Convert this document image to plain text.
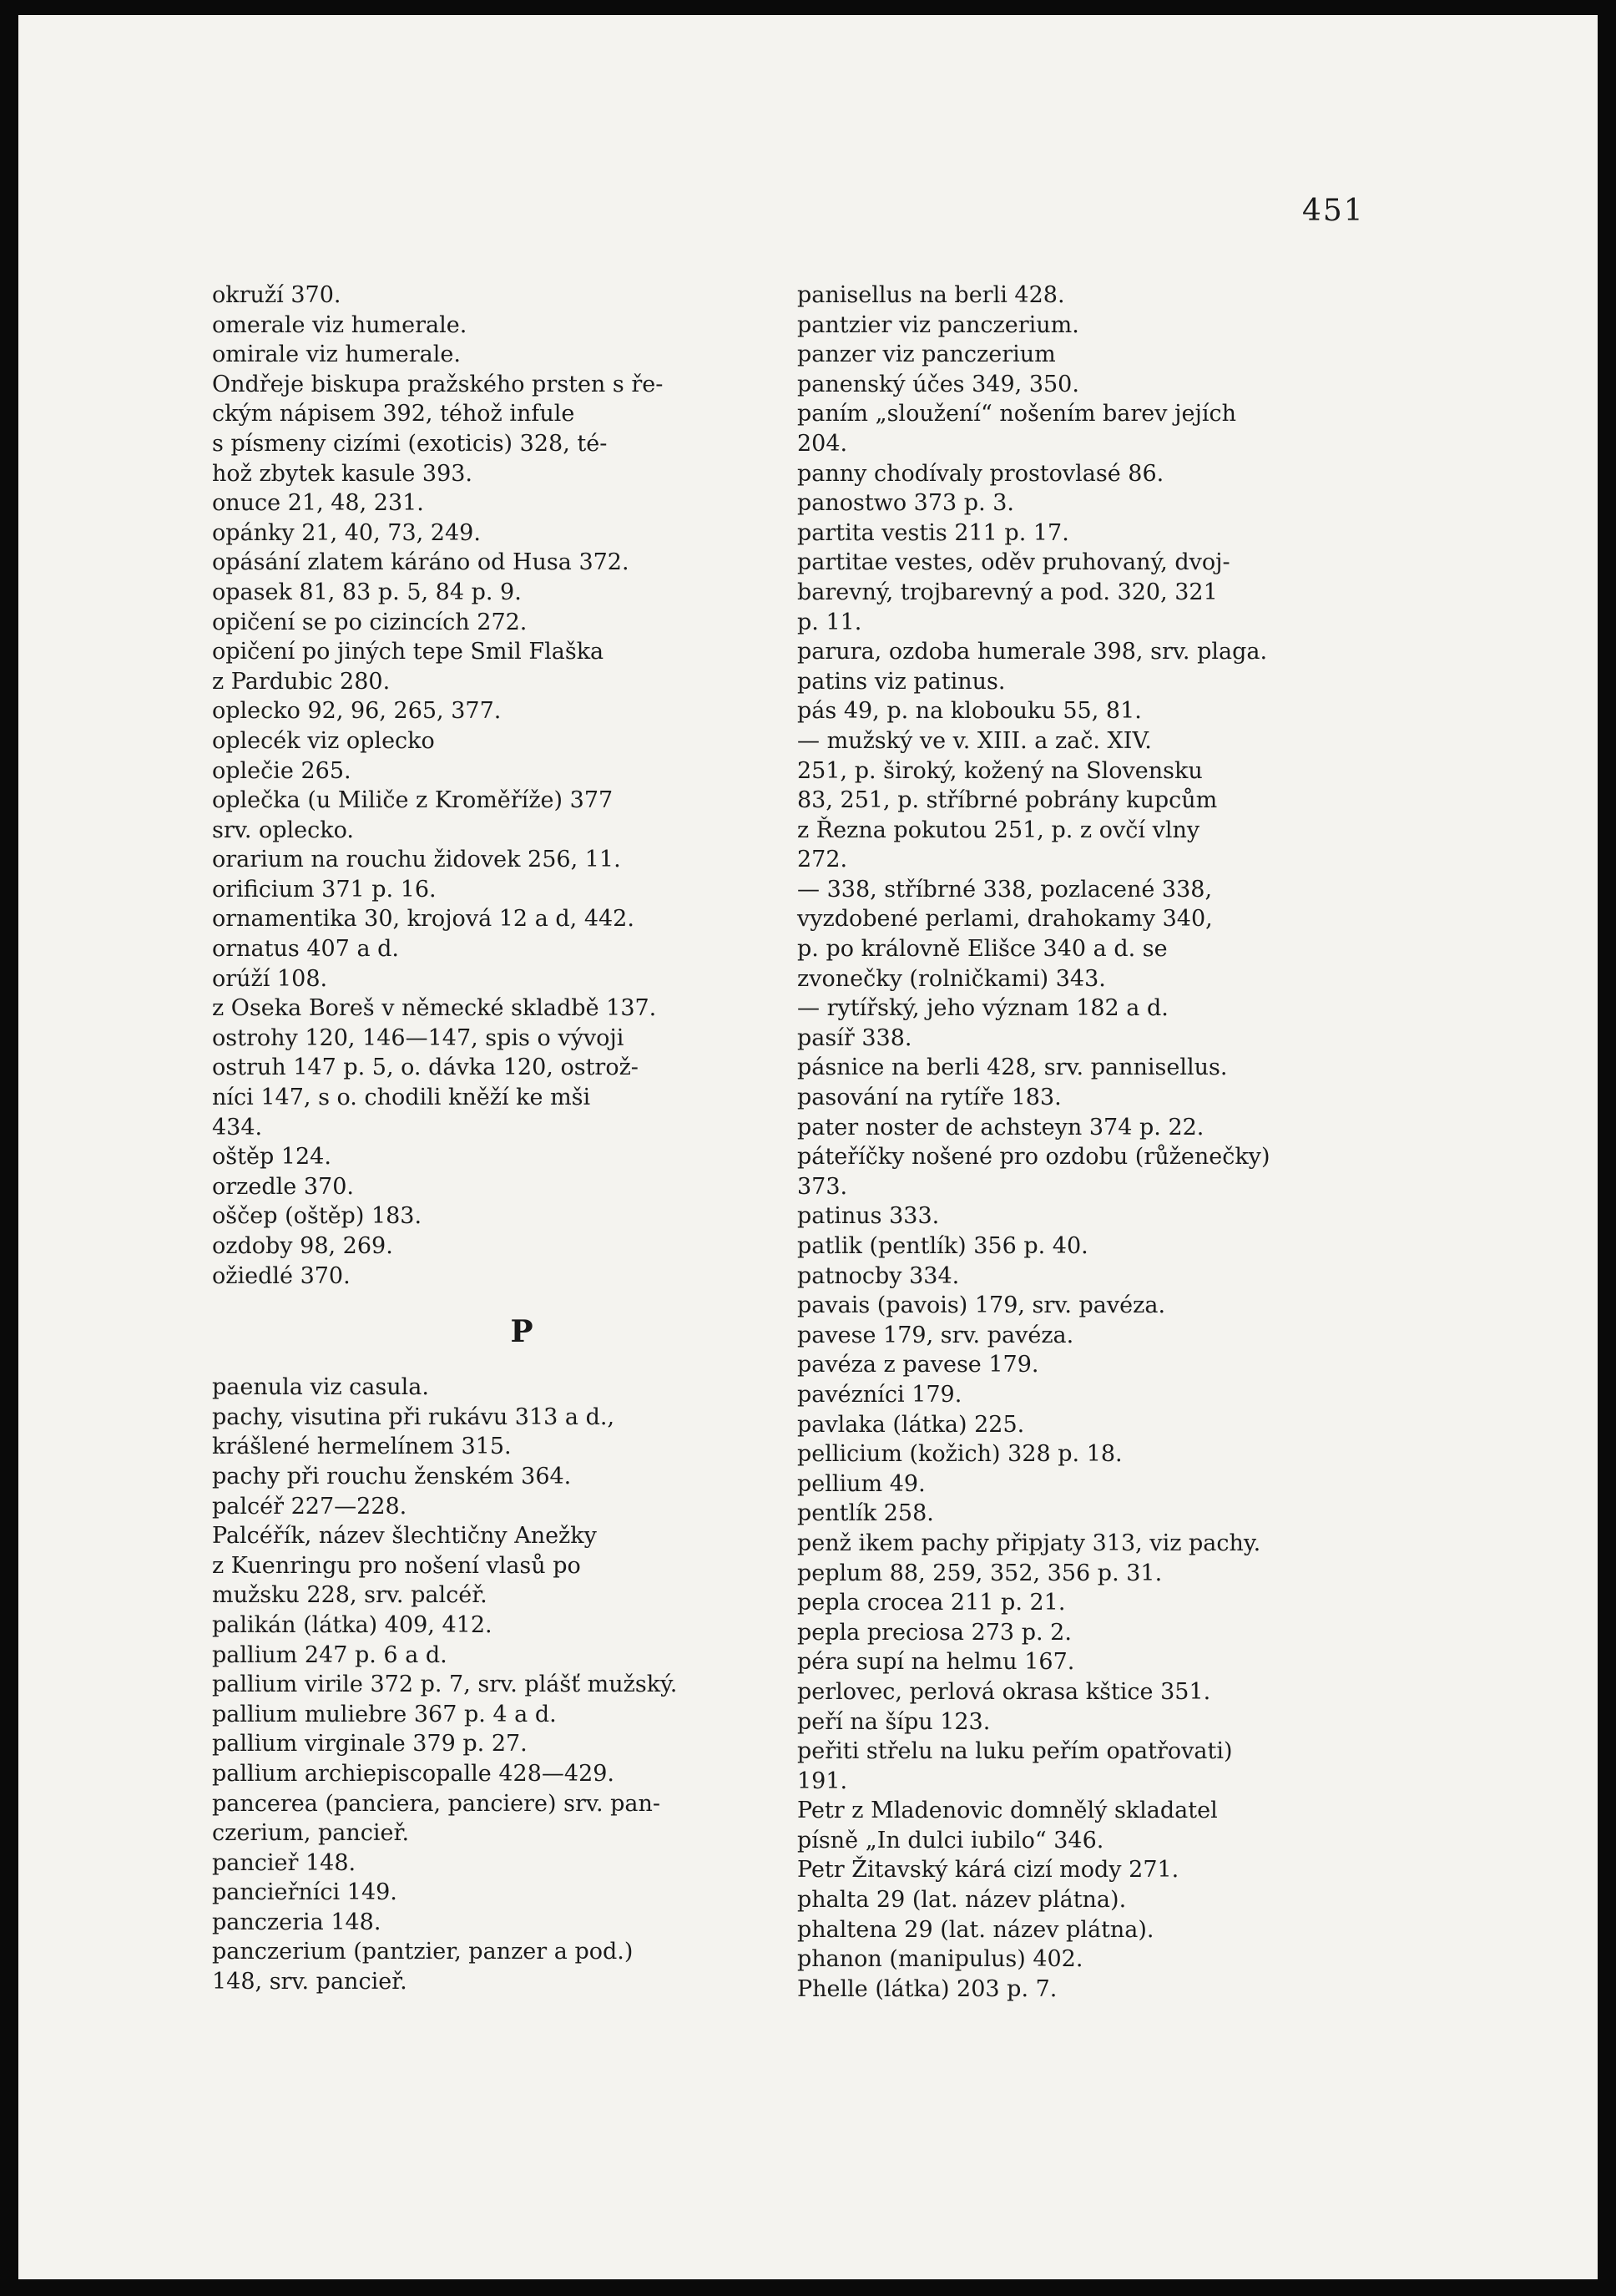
451

okruží 370.

omerale viz humerale.

omirale viz humerale.

Ondřeje biskupa pražského prsten s ře-
ckým nápisem 392, téhož infule
s písmeny cizími (exoticis) 328, té-
hož zbytek kasule 393.

onuce 21, 48, 231.

opánky 21, 40, 73, 249.

opásání zlatem káráno od Husa 372.

opasek 81, 83 p. 5, 84 p. 9.

opičení se po cizincích 272.

opičení po jiných tepe Smil Flaška
z Pardubic 280.

oplecko 92, 96, 265, 377.

oplecék viz oplecko

oplečie 265.

oplečka (u Miliče z Kroměříže) 377
srv. oplecko.

orarium na rouchu židovek 256, 11.

orificium 371 p. 16.

ornamentika 30, krojová 12 a d, 442.

ornatus 407 a d.

orúží 108.

z Oseka Boreš v německé skladbě 137.

ostrohy 120, 146—147, spis o vývoji
ostruh 147 p. 5, o. dávka 120, ostrož-
níci 147, s o. chodili kněží ke mši
434.

oštěp 124.

orzedle 370.

oščep (oštěp) 183.

ozdoby 98, 269.

ožiedlé 370.

P

paenula viz casula.

pachy, visutina při rukávu 313 a d.,
krášlené hermelínem 315.

pachy při rouchu ženském 364.

palcéř 227—228.

Palcéřík, název šlechtičny Anežky
z Kuenringu pro nošení vlasů po
mužsku 228, srv. palcéř.

palikán (látka) 409, 412.

pallium 247 p. 6 a d.

pallium virile 372 p. 7, srv. plášť mužský.

pallium muliebre 367 p. 4 a d.

pallium virginale 379 p. 27.

pallium archiepiscopalle 428—429.

pancerea (panciera, panciere) srv. pan-
czerium, pancieř.

pancieř 148.

pancieřníci 149.

panczeria 148.

panczerium (pantzier, panzer a pod.)
148, srv. pancieř.

panisellus na berli 428.

pantzier viz panczerium.

panzer viz panczerium

panenský účes 349, 350.

paním „sloužení“ nošením barev jejích
204.

panny chodívaly prostovlasé 86.

panostwo 373 p. 3.

partita vestis 211 p. 17.

partitae vestes, oděv pruhovaný, dvoj-
barevný, trojbarevný a pod. 320, 321
p. 11.

parura, ozdoba humerale 398, srv. plaga.

patins viz patinus.

pás 49, p. na klobouku 55, 81.

— mužský ve v. XIII. a zač. XIV.
251, p. široký, kožený na Slovensku
83, 251, p. stříbrné pobrány kupcům
z Řezna pokutou 251, p. z ovčí vlny
272.

— 338, stříbrné 338, pozlacené 338,
vyzdobené perlami, drahokamy 340,
p. po královně Elišce 340 a d. se
zvonečky (rolničkami) 343.

— rytířský, jeho význam 182 a d.

pasíř 338.

pásnice na berli 428, srv. pannisellus.

pasování na rytíře 183.

pater noster de achsteyn 374 p. 22.

páteříčky nošené pro ozdobu (růženečky)
373.

patinus 333.

patlik (pentlík) 356 p. 40.

patnocby 334.

pavais (pavois) 179, srv. pavéza.

pavese 179, srv. pavéza.

pavéza z pavese 179.

pavézníci 179.

pavlaka (látka) 225.

pellicium (kožich) 328 p. 18.

pellium 49.

pentlík 258.

penž ikem pachy připjaty 313, viz pachy.

peplum 88, 259, 352, 356 p. 31.

pepla crocea 211 p. 21.

pepla preciosa 273 p. 2.

péra supí na helmu 167.

perlovec, perlová okrasa kštice 351.

peří na šípu 123.

peřiti střelu na luku peřím opatřovati)
191.

Petr z Mladenovic domnělý skladatel
písně „In dulci iubilo“ 346.

Petr Žitavský kárá cizí mody 271.

phalta 29 (lat. název plátna).

phaltena 29 (lat. název plátna).

phanon (manipulus) 402.

Phelle (látka) 203 p. 7.
